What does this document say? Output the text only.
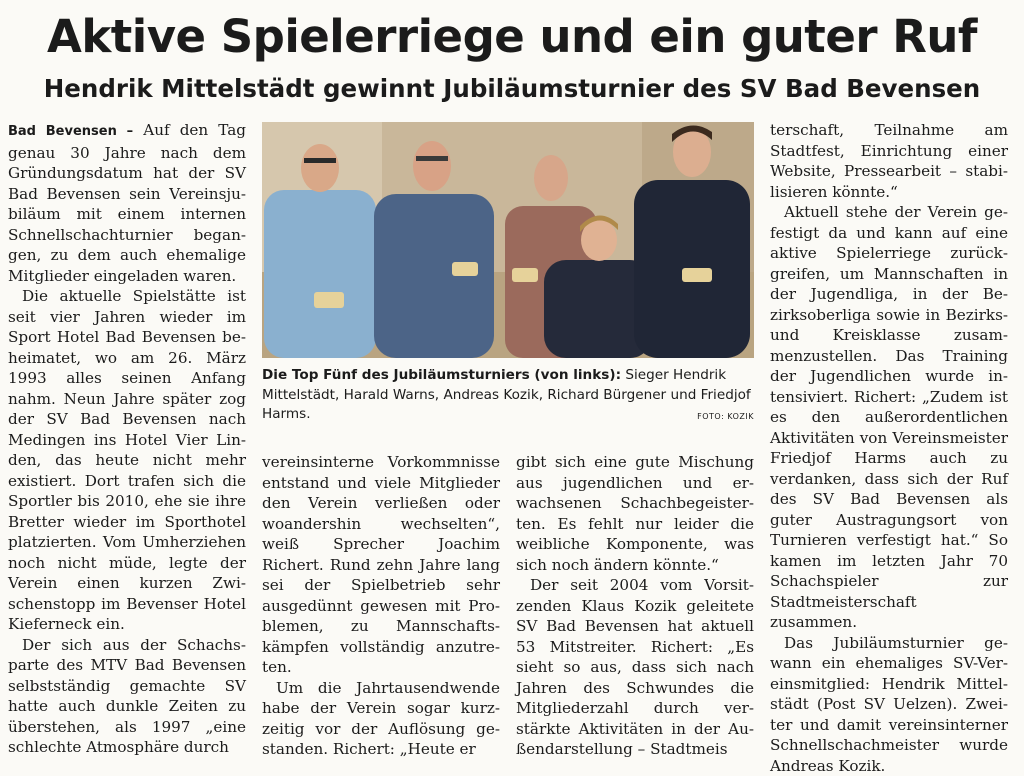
Aktive Spielerriege und ein guter Ruf
Hendrik Mittelstädt gewinnt Jubiläumsturnier des SV Bad Bevensen

Bad Bevensen – Auf den Tag genau 30 Jahre nach dem Gründungsdatum hat der SV Bad Bevensen sein Vereinsjubiläum mit einem internen Schnellschachturnier begangen, zu dem auch ehemalige Mitglieder eingeladen waren.

Die aktuelle Spielstätte ist seit vier Jahren wieder im Sport Hotel Bad Bevensen beheimatet, wo am 26. März 1993 alles seinen Anfang nahm. Neun Jahre später zog der SV Bad Bevensen nach Medingen ins Hotel Vier Linden, das heute nicht mehr existiert. Dort trafen sich die Sportler bis 2010, ehe sie ihre Bretter wieder im Sporthotel platzierten. Vom Umherziehen noch nicht müde, legte der Verein einen kurzen Zwischenstopp im Bevenser Hotel Kieferneck ein.

Der sich aus der Schachsparte des MTV Bad Bevensen selbstständig gemachte SV hatte auch dunkle Zeiten zu überstehen, als 1997 „eine schlechte Atmosphäre durch

Die Top Fünf des Jubiläumsturniers (von links): Sieger Hendrik Mittelstädt, Harald Warns, Andreas Kozik, Richard Bürgener und Friedjof Harms.	FOTO: KOZIK

vereinsinterne Vorkommnisse entstand und viele Mitglieder den Verein verließen oder woandershin wechselten“, weiß Sprecher Joachim Richert. Rund zehn Jahre lang sei der Spielbetrieb sehr ausgedünnt gewesen mit Problemen, zu Mannschaftskämpfen vollständig anzutreten.

Um die Jahrtausendwende habe der Verein sogar kurzzeitig vor der Auflösung gestanden. Richert: „Heute er

gibt sich eine gute Mischung aus jugendlichen und erwachsenen Schachbegeisterten. Es fehlt nur leider die weibliche Komponente, was sich noch ändern könnte.“

Der seit 2004 vom Vorsitzenden Klaus Kozik geleitete SV Bad Bevensen hat aktuell 53 Mitstreiter. Richert: „Es sieht so aus, dass sich nach Jahren des Schwundes die Mitgliederzahl durch verstärkte Aktivitäten in der Außendarstellung – Stadtmeis

terschaft, Teilnahme am Stadtfest, Einrichtung einer Website, Pressearbeit – stabilisieren könnte.“

Aktuell stehe der Verein gefestigt da und kann auf eine aktive Spielerriege zurückgreifen, um Mannschaften in der Jugendliga, in der Bezirksoberliga sowie in Bezirks- und Kreisklasse zusammenzustellen. Das Training der Jugendlichen wurde intensiviert. Richert: „Zudem ist es den außerordentlichen Aktivitäten von Vereinsmeister Friedjof Harms auch zu verdanken, dass sich der Ruf des SV Bad Bevensen als guter Austragungsort von Turnieren verfestigt hat.“ So kamen im letzten Jahr 70 Schachspieler zur Stadtmeisterschaft zusammen.

Das Jubiläumsturnier gewann ein ehemaliges SV-Vereinsmitglied: Hendrik Mittelstädt (Post SV Uelzen). Zweiter und damit vereinsinterner Schnellschachmeister wurde Andreas Kozik.
